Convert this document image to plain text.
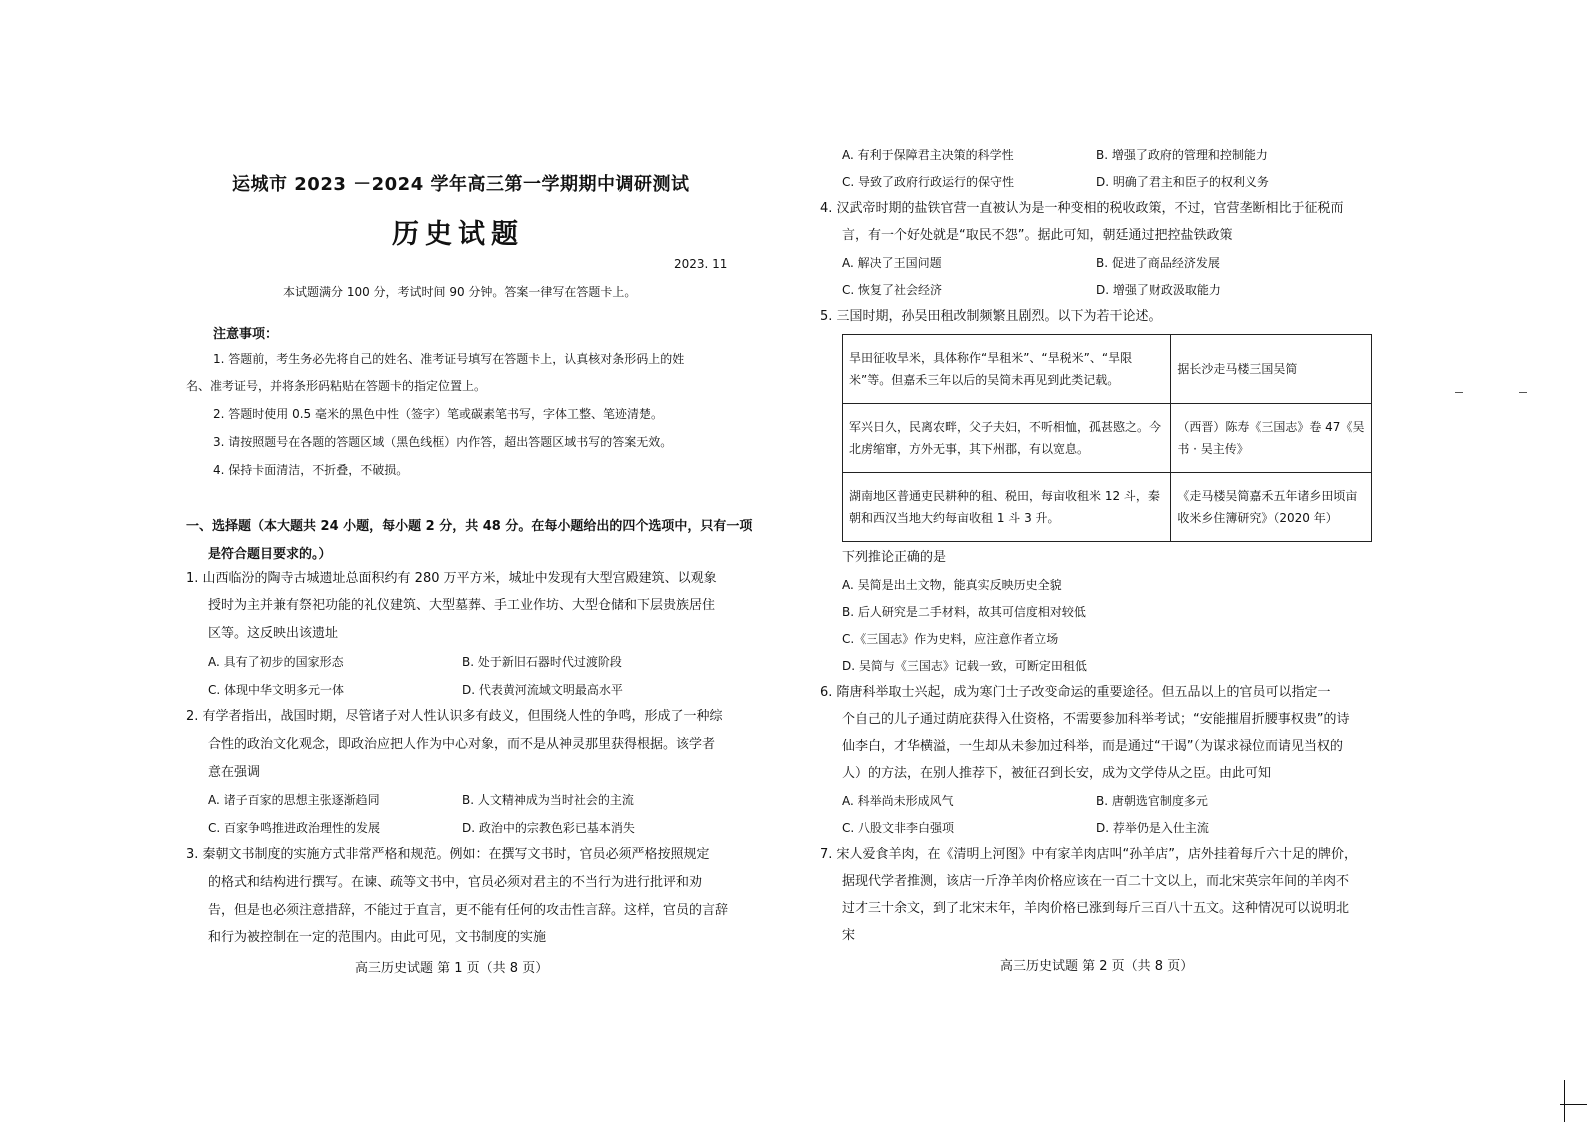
运城市 2023 －2024 学年高三第一学期期中调研测试
历史试题
2023. 11
本试题满分 100 分，考试时间 90 分钟。答案一律写在答题卡上。
注意事项：
1. 答题前，考生务必先将自己的姓名、准考证号填写在答题卡上，认真核对条形码上的姓
名、准考证号，并将条形码粘贴在答题卡的指定位置上。
2. 答题时使用 0.5 毫米的黑色中性（签字）笔或碳素笔书写，字体工整、笔迹清楚。
3. 请按照题号在各题的答题区域（黑色线框）内作答，超出答题区域书写的答案无效。
4. 保持卡面清洁，不折叠，不破损。
一、选择题（本大题共 24 小题，每小题 2 分，共 48 分。在每小题给出的四个选项中，只有一项
是符合题目要求的。）
1. 山西临汾的陶寺古城遗址总面积约有 280 万平方米，城址中发现有大型宫殿建筑、以观象
授时为主并兼有祭祀功能的礼仪建筑、大型墓葬、手工业作坊、大型仓储和下层贵族居住
区等。这反映出该遗址
A. 具有了初步的国家形态	B. 处于新旧石器时代过渡阶段
C. 体现中华文明多元一体	D. 代表黄河流域文明最高水平
2. 有学者指出，战国时期，尽管诸子对人性认识多有歧义，但围绕人性的争鸣，形成了一种综
合性的政治文化观念，即政治应把人作为中心对象，而不是从神灵那里获得根据。该学者
意在强调
A. 诸子百家的思想主张逐渐趋同	B. 人文精神成为当时社会的主流
C. 百家争鸣推进政治理性的发展	D. 政治中的宗教色彩已基本消失
3. 秦朝文书制度的实施方式非常严格和规范。例如：在撰写文书时，官员必须严格按照规定
的格式和结构进行撰写。在谏、疏等文书中，官员必须对君主的不当行为进行批评和劝
告，但是也必须注意措辞，不能过于直言，更不能有任何的攻击性言辞。这样，官员的言辞
和行为被控制在一定的范围内。由此可见，文书制度的实施
高三历史试题 第 1 页（共 8 页）
A. 有利于保障君主决策的科学性	B. 增强了政府的管理和控制能力
C. 导致了政府行政运行的保守性	D. 明确了君主和臣子的权利义务
4. 汉武帝时期的盐铁官营一直被认为是一种变相的税收政策，不过，官营垄断相比于征税而
言，有一个好处就是“取民不怨”。据此可知，朝廷通过把控盐铁政策
A. 解决了王国问题	B. 促进了商品经济发展
C. 恢复了社会经济	D. 增强了财政汲取能力
5. 三国时期，孙吴田租改制频繁且剧烈。以下为若干论述。
旱田征收旱米，具体称作“旱租米”、“旱税米”、“旱限米”等。但嘉禾三年以后的吴简未再见到此类记载。	据长沙走马楼三国吴简
军兴日久，民离农畔，父子夫妇，不听相恤，孤甚愍之。今北虏缩窜，方外无事，其下州郡，有以宽息。	（西晋）陈寿《三国志》卷 47《吴书 · 吴主传》
湖南地区普通吏民耕种的租、税田，每亩收租米 12 斗，秦朝和西汉当地大约每亩收租 1 斗 3 升。	《走马楼吴简嘉禾五年诸乡田顷亩收米乡住簿研究》（2020 年）
下列推论正确的是
A. 吴简是出土文物，能真实反映历史全貌
B. 后人研究是二手材料，故其可信度相对较低
C.《三国志》作为史料，应注意作者立场
D. 吴简与《三国志》记载一致，可断定田租低
6. 隋唐科举取士兴起，成为寒门士子改变命运的重要途径。但五品以上的官员可以指定一
个自己的儿子通过荫庇获得入仕资格，不需要参加科举考试；“安能摧眉折腰事权贵”的诗
仙李白，才华横溢，一生却从未参加过科举，而是通过“干谒”（为谋求禄位而请见当权的
人）的方法，在别人推荐下，被征召到长安，成为文学侍从之臣。由此可知
A. 科举尚未形成风气	B. 唐朝选官制度多元
C. 八股文非李白强项	D. 荐举仍是入仕主流
7. 宋人爱食羊肉，在《清明上河图》中有家羊肉店叫“孙羊店”，店外挂着每斤六十足的牌价，
据现代学者推测，该店一斤净羊肉价格应该在一百二十文以上，而北宋英宗年间的羊肉不
过才三十余文，到了北宋末年，羊肉价格已涨到每斤三百八十五文。这种情况可以说明北
宋
高三历史试题 第 2 页（共 8 页）
